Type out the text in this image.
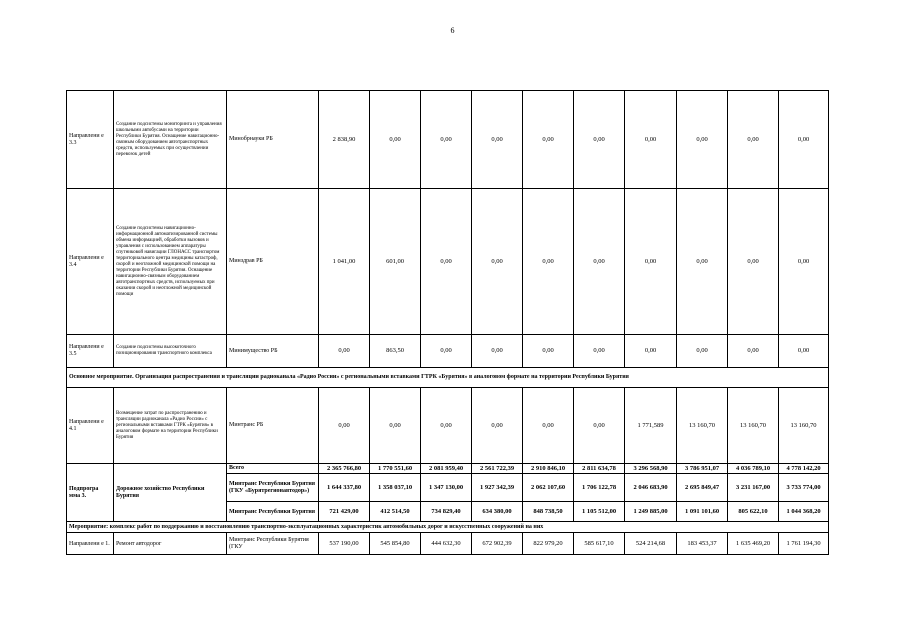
6
Направлени е 3.3	Создание подсистемы мониторинга и управления школьными автобусами на территории Республики Бурятия. Оснащение навигационно-связным оборудованием автотранспортных средств, используемых при осуществлении перевозок детей	Минобрнауки РБ	2 838,90	0,00	0,00	0,00	0,00	0,00	0,00	0,00	0,00	0,00
Направлени е 3.4	Создание подсистемы навигационно-информационной автоматизированной системы обмена информацией, обработки вызовов и управления с использованием аппаратуры спутниковой навигации ГЛОНАСС транспортом территориального центра медицины катастроф, скорой и неотложной медицинской помощи на территории Республики Бурятия. Оснащение навигационно-связным оборудованием автотранспортных средств, используемых при оказании скорой и неотложной медицинской помощи	Минздрав РБ	1 041,00	601,00	0,00	0,00	0,00	0,00	0,00	0,00	0,00	0,00
Направлени е 3.5	Создание подсистемы высокоточного позиционирования транспортного комплекса	Минимущество РБ	0,00	863,50	0,00	0,00	0,00	0,00	0,00	0,00	0,00	0,00
Основное мероприятие. Организация распространения и трансляции радиоканала «Радио России» с региональными вставками ГТРК «Бурятия» в аналоговом формате на территории Республики Бурятия												
Направлени е 4.1	Возмещение затрат по распространению и трансляции радиоканала «Радио России» с региональными вставками ГТРК «Бурятия» в аналоговом формате на территории Республики Бурятия	Минтранс РБ	0,00	0,00	0,00	0,00	0,00	0,00	1 771,589	13 160,70	13 160,70	13 160,70
Подпрогра мма 3.	Дорожное хозяйство Республики Бурятия	Всего	2 365 766,80	1 770 551,60	2 081 959,40	2 561 722,39	2 910 846,10	2 811 634,78	3 296 568,90	3 786 951,07	4 036 789,10	4 778 142,20
		Минтранс Республики Бурятия (ГКУ «Бурятрегионавтодор»)	1 644 337,80	1 358 037,10	1 347 130,00	1 927 342,39	2 062 107,60	1 706 122,78	2 046 683,90	2 695 849,47	3 231 167,00	3 733 774,00
		Минтранс Республики Бурятия	721 429,00	412 514,50	734 829,40	634 380,00	848 738,50	1 105 512,00	1 249 885,00	1 091 101,60	805 622,10	1 044 368,20
Мероприятие: комплекс работ по поддержанию и восстановлению транспортно-эксплуатационных характеристик автомобильных дорог и искусственных сооружений на них												
Направлени е 1.	Ремонт автодорог	Минтранс Республики Бурятия (ГКУ	537 190,00	545 854,80	444 632,30	672 902,39	822 979,20	585 617,10	524 214,68	183 453,37	1 635 469,20	1 761 194,30
